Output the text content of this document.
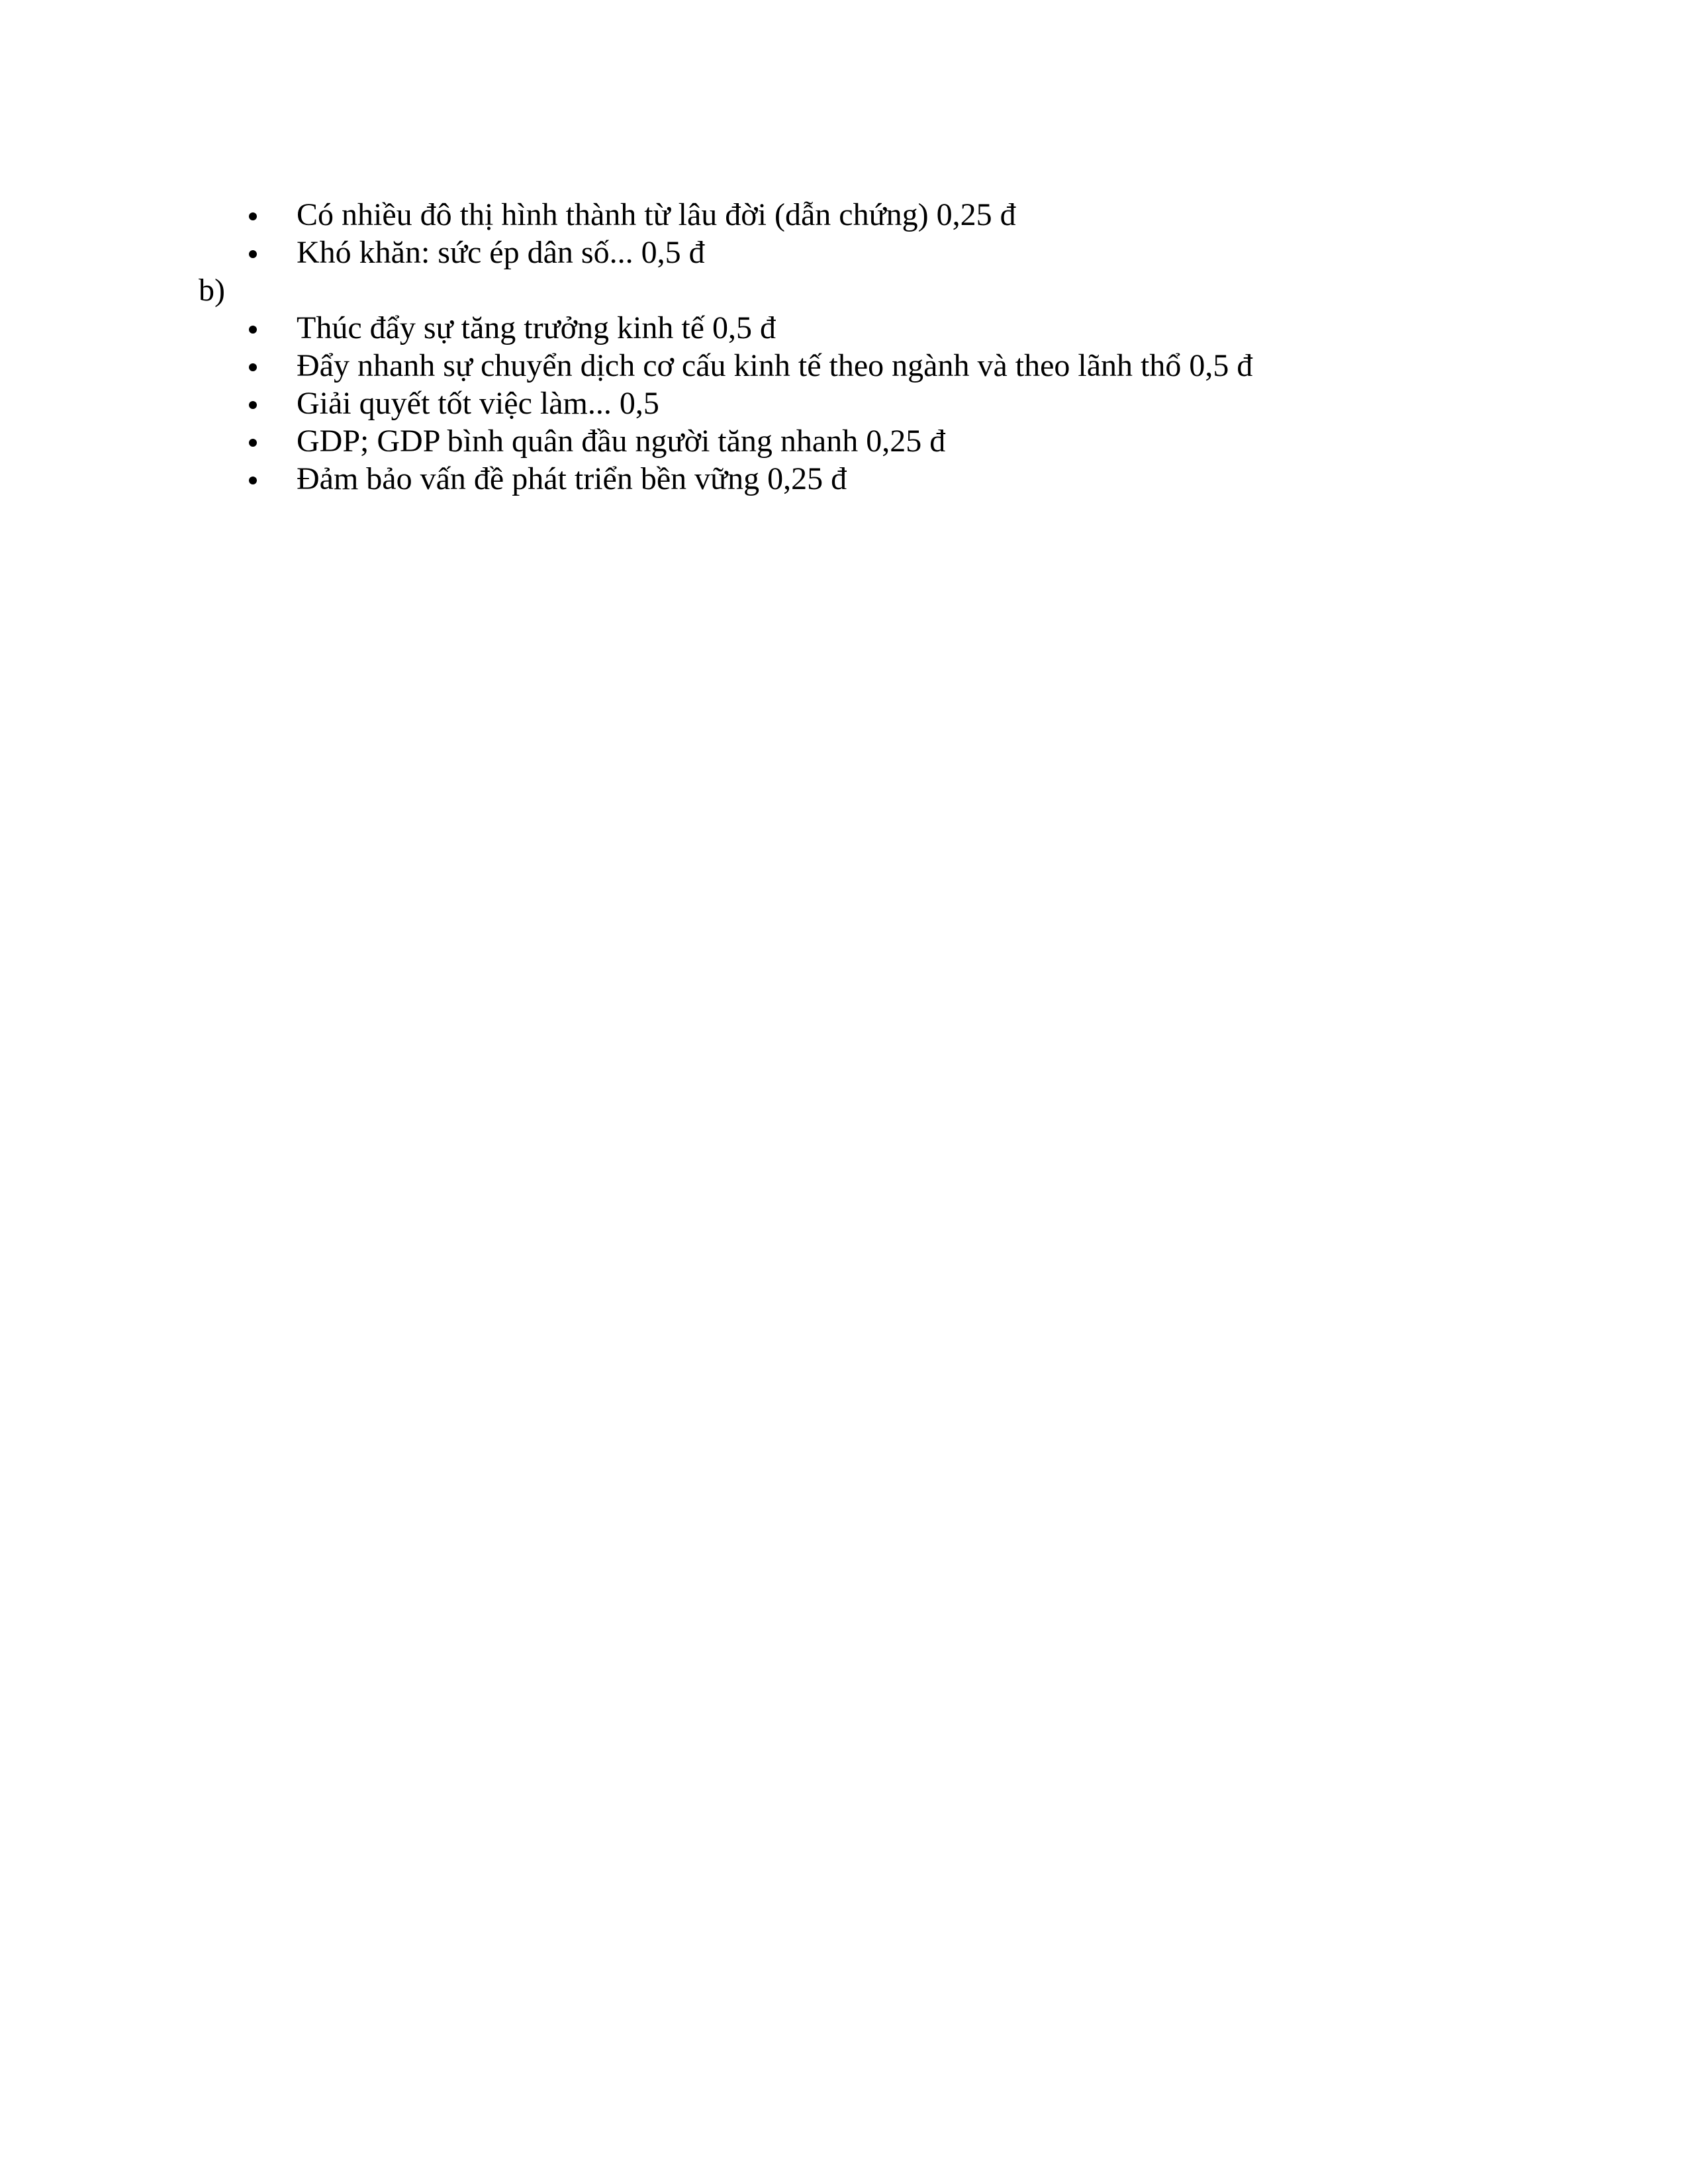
Có nhiều đô thị hình thành từ lâu đời (dẫn chứng) 0,25 đ
Khó khăn: sức ép dân số... 0,5 đ
b)
Thúc đẩy sự tăng trưởng kinh tế 0,5 đ
Đẩy nhanh sự chuyển dịch cơ cấu kinh tế theo ngành và theo lãnh thổ 0,5 đ
Giải quyết tốt việc làm... 0,5
GDP; GDP bình quân đầu người tăng nhanh 0,25 đ
Đảm bảo vấn đề phát triển bền vững 0,25 đ
